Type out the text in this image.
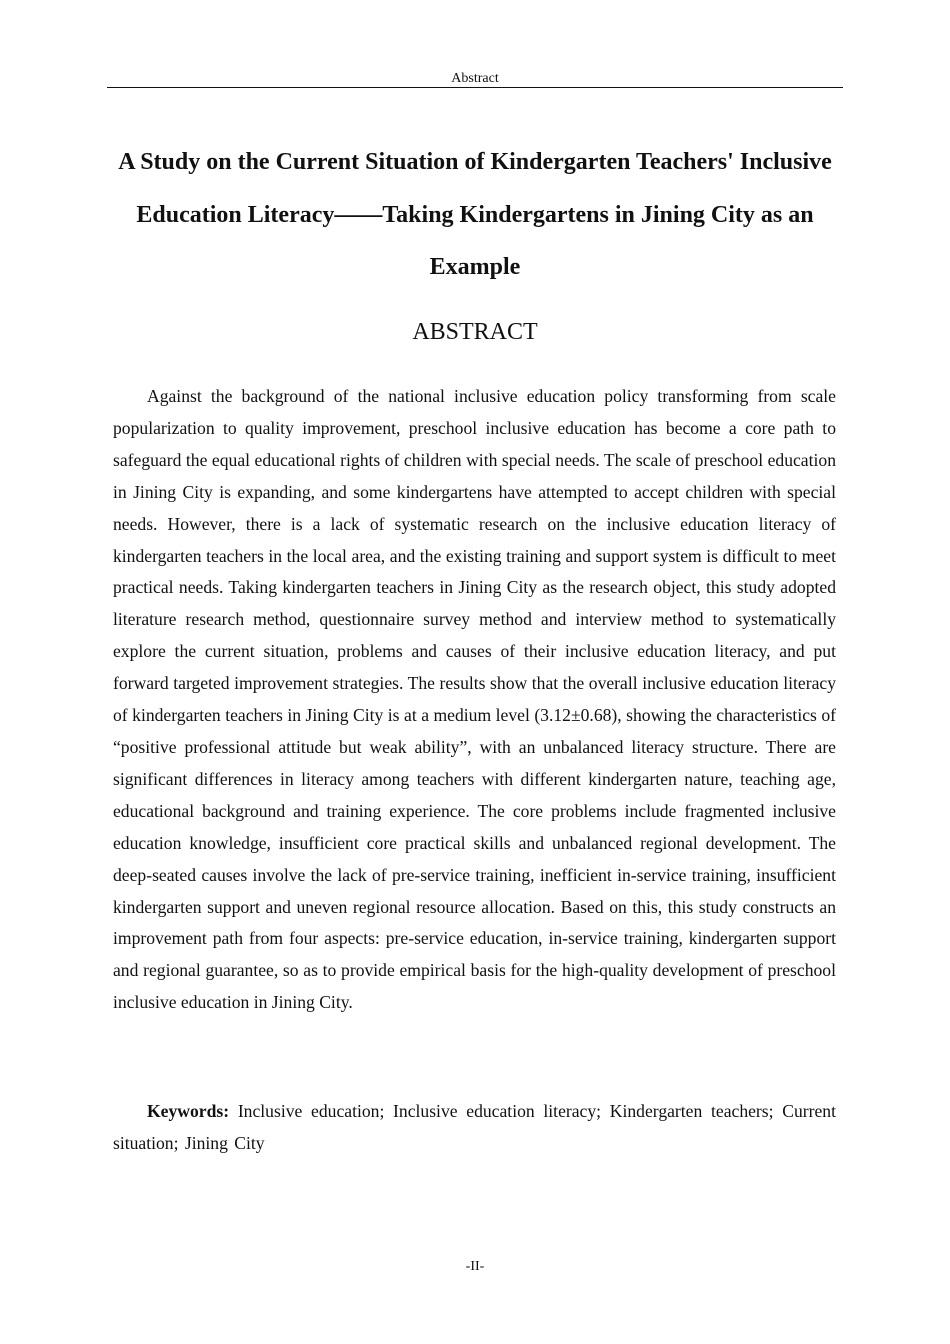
Abstract
A Study on the Current Situation of Kindergarten Teachers' Inclusive Education Literacy——Taking Kindergartens in Jining City as an Example
ABSTRACT

Against the background of the national inclusive education policy transforming from scale popularization to quality improvement, preschool inclusive education has become a core path to safeguard the equal educational rights of children with special needs. The scale of preschool education in Jining City is expanding, and some kindergartens have attempted to accept children with special needs. However, there is a lack of systematic research on the inclusive education literacy of kindergarten teachers in the local area, and the existing training and support system is difficult to meet practical needs. Taking kindergarten teachers in Jining City as the research object, this study adopted literature research method, questionnaire survey method and interview method to systematically explore the current situation, problems and causes of their inclusive education literacy, and put forward targeted improvement strategies. The results show that the overall inclusive education literacy of kindergarten teachers in Jining City is at a medium level (3.12±0.68), showing the characteristics of “positive professional attitude but weak ability”, with an unbalanced literacy structure. There are significant differences in literacy among teachers with different kindergarten nature, teaching age, educational background and training experience. The core problems include fragmented inclusive education knowledge, insufficient core practical skills and unbalanced regional development. The deep-seated causes involve the lack of pre-service training, inefficient in-service training, insufficient kindergarten support and uneven regional resource allocation. Based on this, this study constructs an improvement path from four aspects: pre-service education, in-service training, kindergarten support and regional guarantee, so as to provide empirical basis for the high-quality development of preschool inclusive education in Jining City.

Keywords: Inclusive education; Inclusive education literacy; Kindergarten teachers; Current situation; Jining City

-II-
